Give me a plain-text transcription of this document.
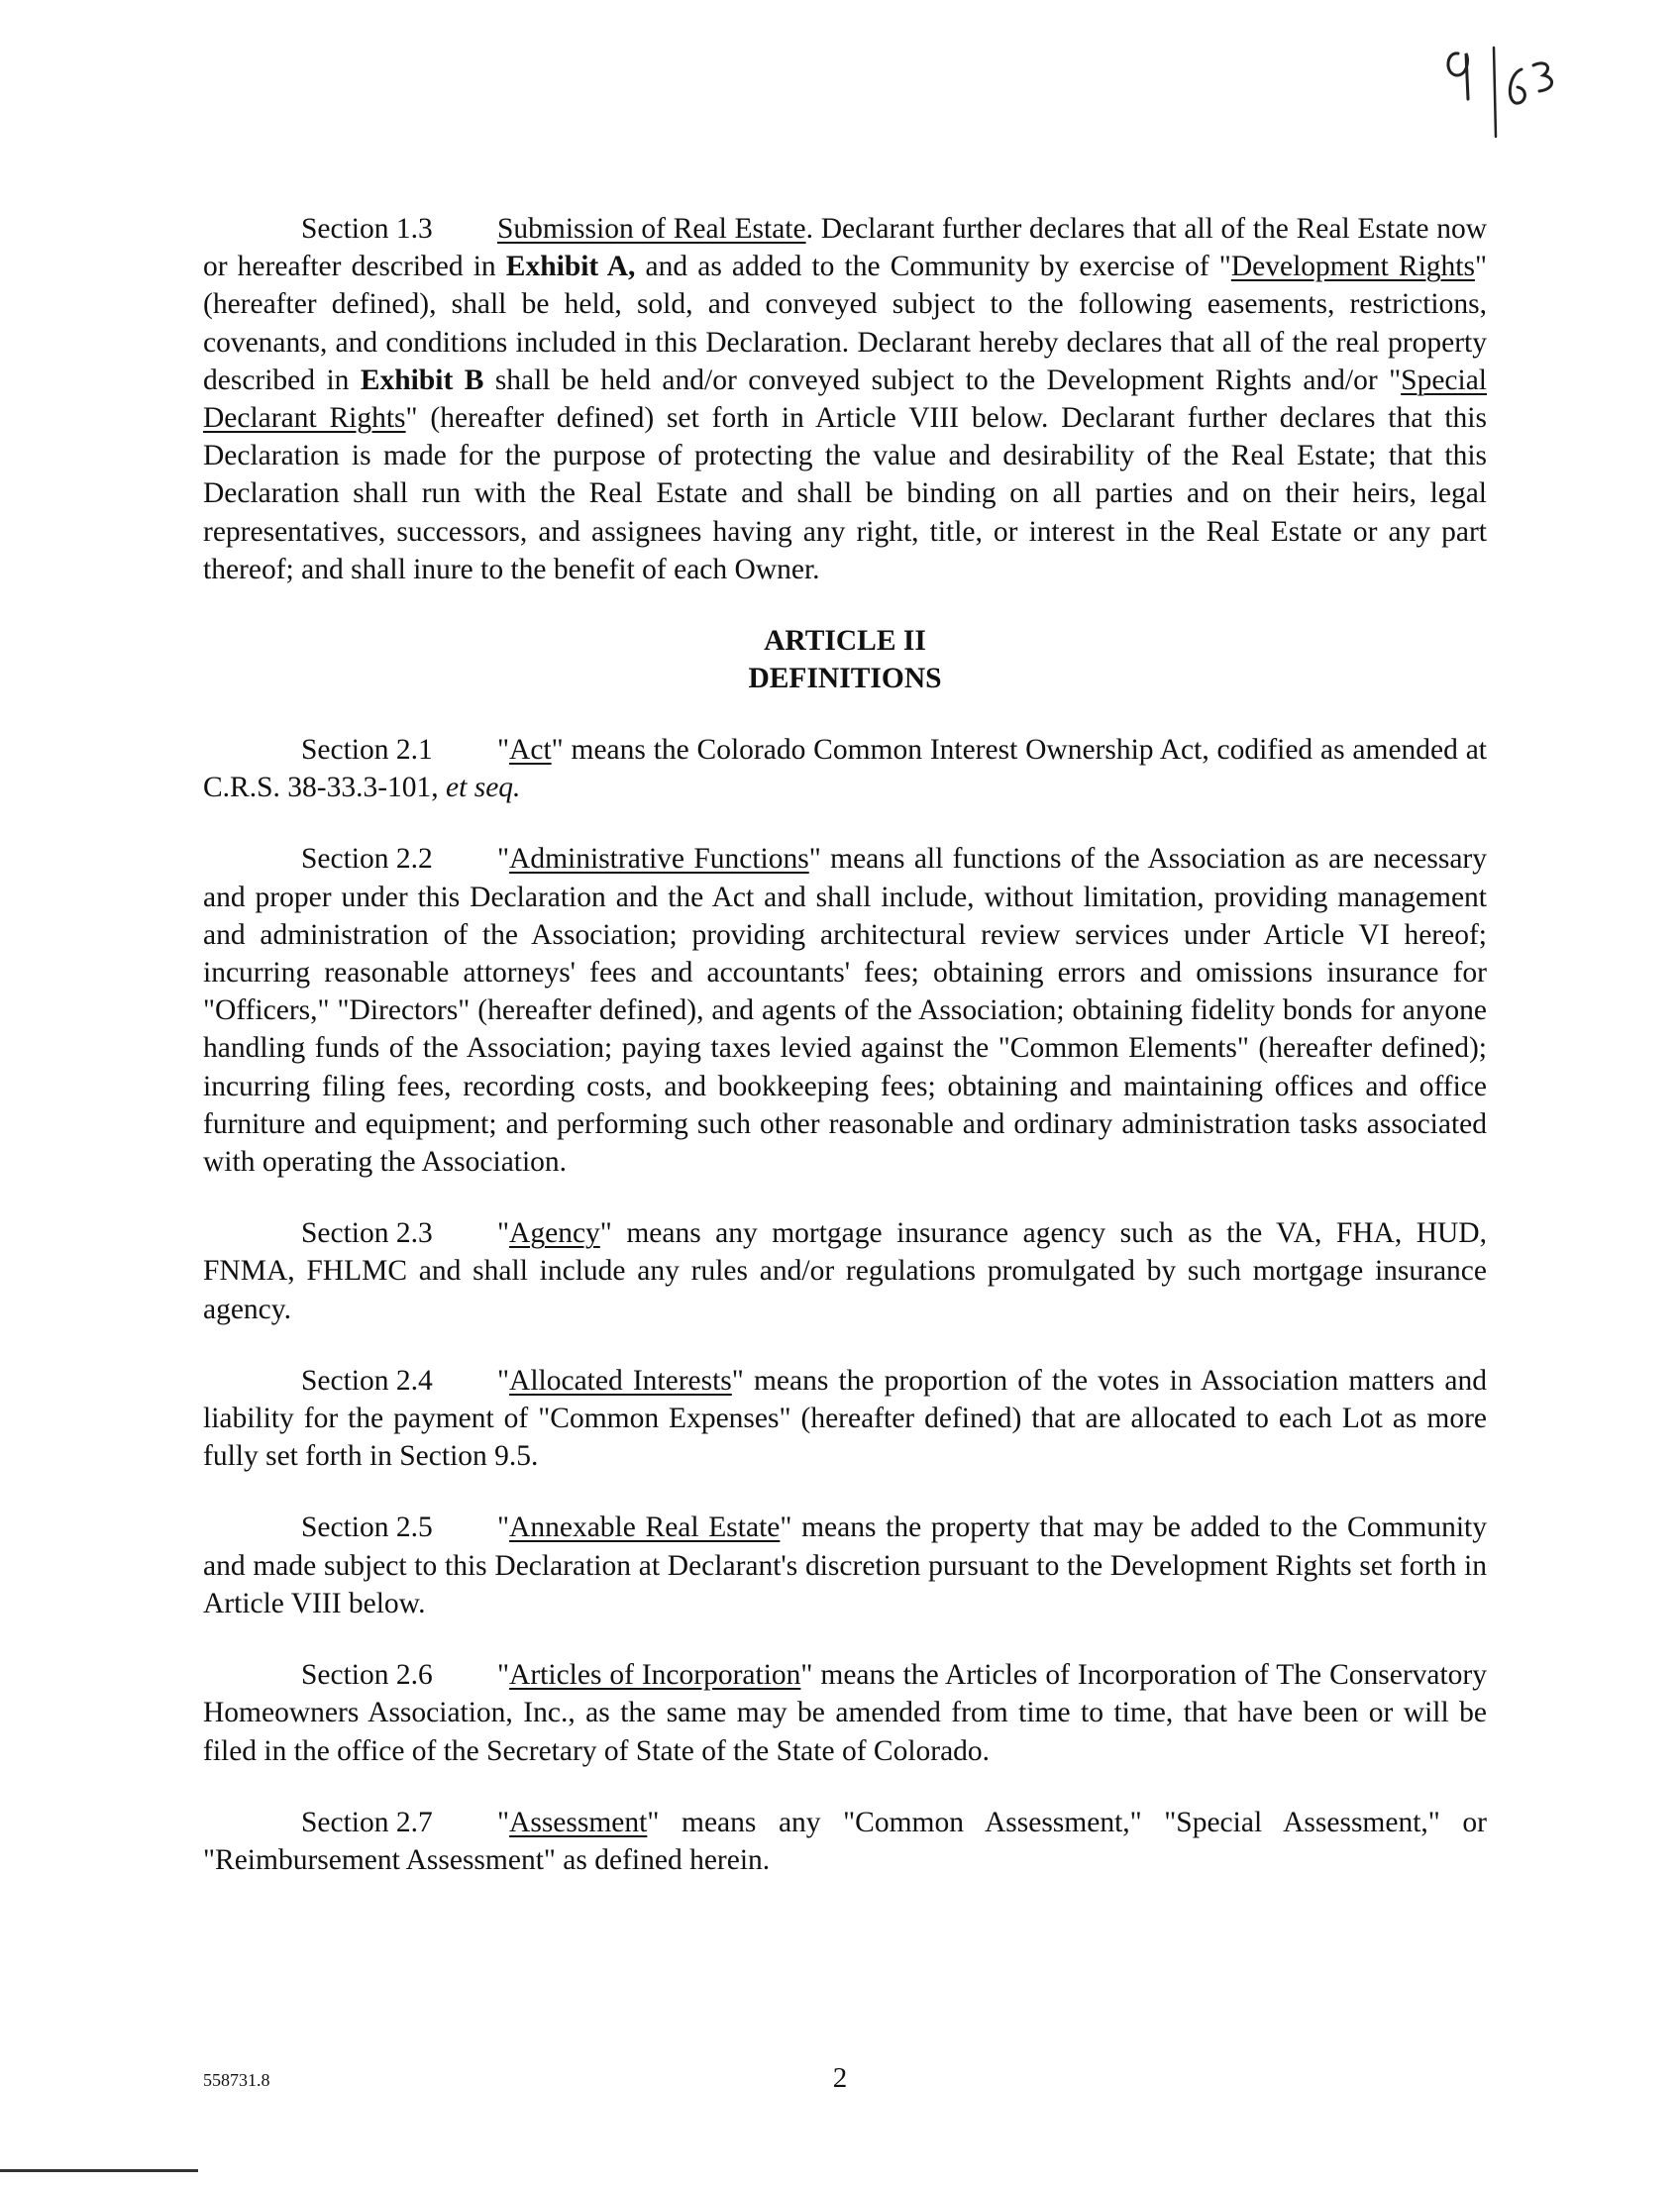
Section 1.3 Submission of Real Estate. Declarant further declares that all of the Real Estate now or hereafter described in Exhibit A, and as added to the Community by exercise of "Development Rights" (hereafter defined), shall be held, sold, and conveyed subject to the following easements, restrictions, covenants, and conditions included in this Declaration. Declarant hereby declares that all of the real property described in Exhibit B shall be held and/or conveyed subject to the Development Rights and/or "Special Declarant Rights" (hereafter defined) set forth in Article VIII below. Declarant further declares that this Declaration is made for the purpose of protecting the value and desirability of the Real Estate; that this Declaration shall run with the Real Estate and shall be binding on all parties and on their heirs, legal representatives, successors, and assignees having any right, title, or interest in the Real Estate or any part thereof; and shall inure to the benefit of each Owner.

ARTICLE II
DEFINITIONS

Section 2.1 "Act" means the Colorado Common Interest Ownership Act, codified as amended at C.R.S. 38-33.3-101, et seq.

Section 2.2 "Administrative Functions" means all functions of the Association as are necessary and proper under this Declaration and the Act and shall include, without limitation, providing management and administration of the Association; providing architectural review services under Article VI hereof; incurring reasonable attorneys' fees and accountants' fees; obtaining errors and omissions insurance for "Officers," "Directors" (hereafter defined), and agents of the Association; obtaining fidelity bonds for anyone handling funds of the Association; paying taxes levied against the "Common Elements" (hereafter defined); incurring filing fees, recording costs, and bookkeeping fees; obtaining and maintaining offices and office furniture and equipment; and performing such other reasonable and ordinary administration tasks associated with operating the Association.

Section 2.3 "Agency" means any mortgage insurance agency such as the VA, FHA, HUD, FNMA, FHLMC and shall include any rules and/or regulations promulgated by such mortgage insurance agency.

Section 2.4 "Allocated Interests" means the proportion of the votes in Association matters and liability for the payment of "Common Expenses" (hereafter defined) that are allocated to each Lot as more fully set forth in Section 9.5.

Section 2.5 "Annexable Real Estate" means the property that may be added to the Community and made subject to this Declaration at Declarant's discretion pursuant to the Development Rights set forth in Article VIII below.

Section 2.6 "Articles of Incorporation" means the Articles of Incorporation of The Conservatory Homeowners Association, Inc., as the same may be amended from time to time, that have been or will be filed in the office of the Secretary of State of the State of Colorado.

Section 2.7 "Assessment" means any "Common Assessment," "Special Assessment," or "Reimbursement Assessment" as defined herein.

558731.8	2
